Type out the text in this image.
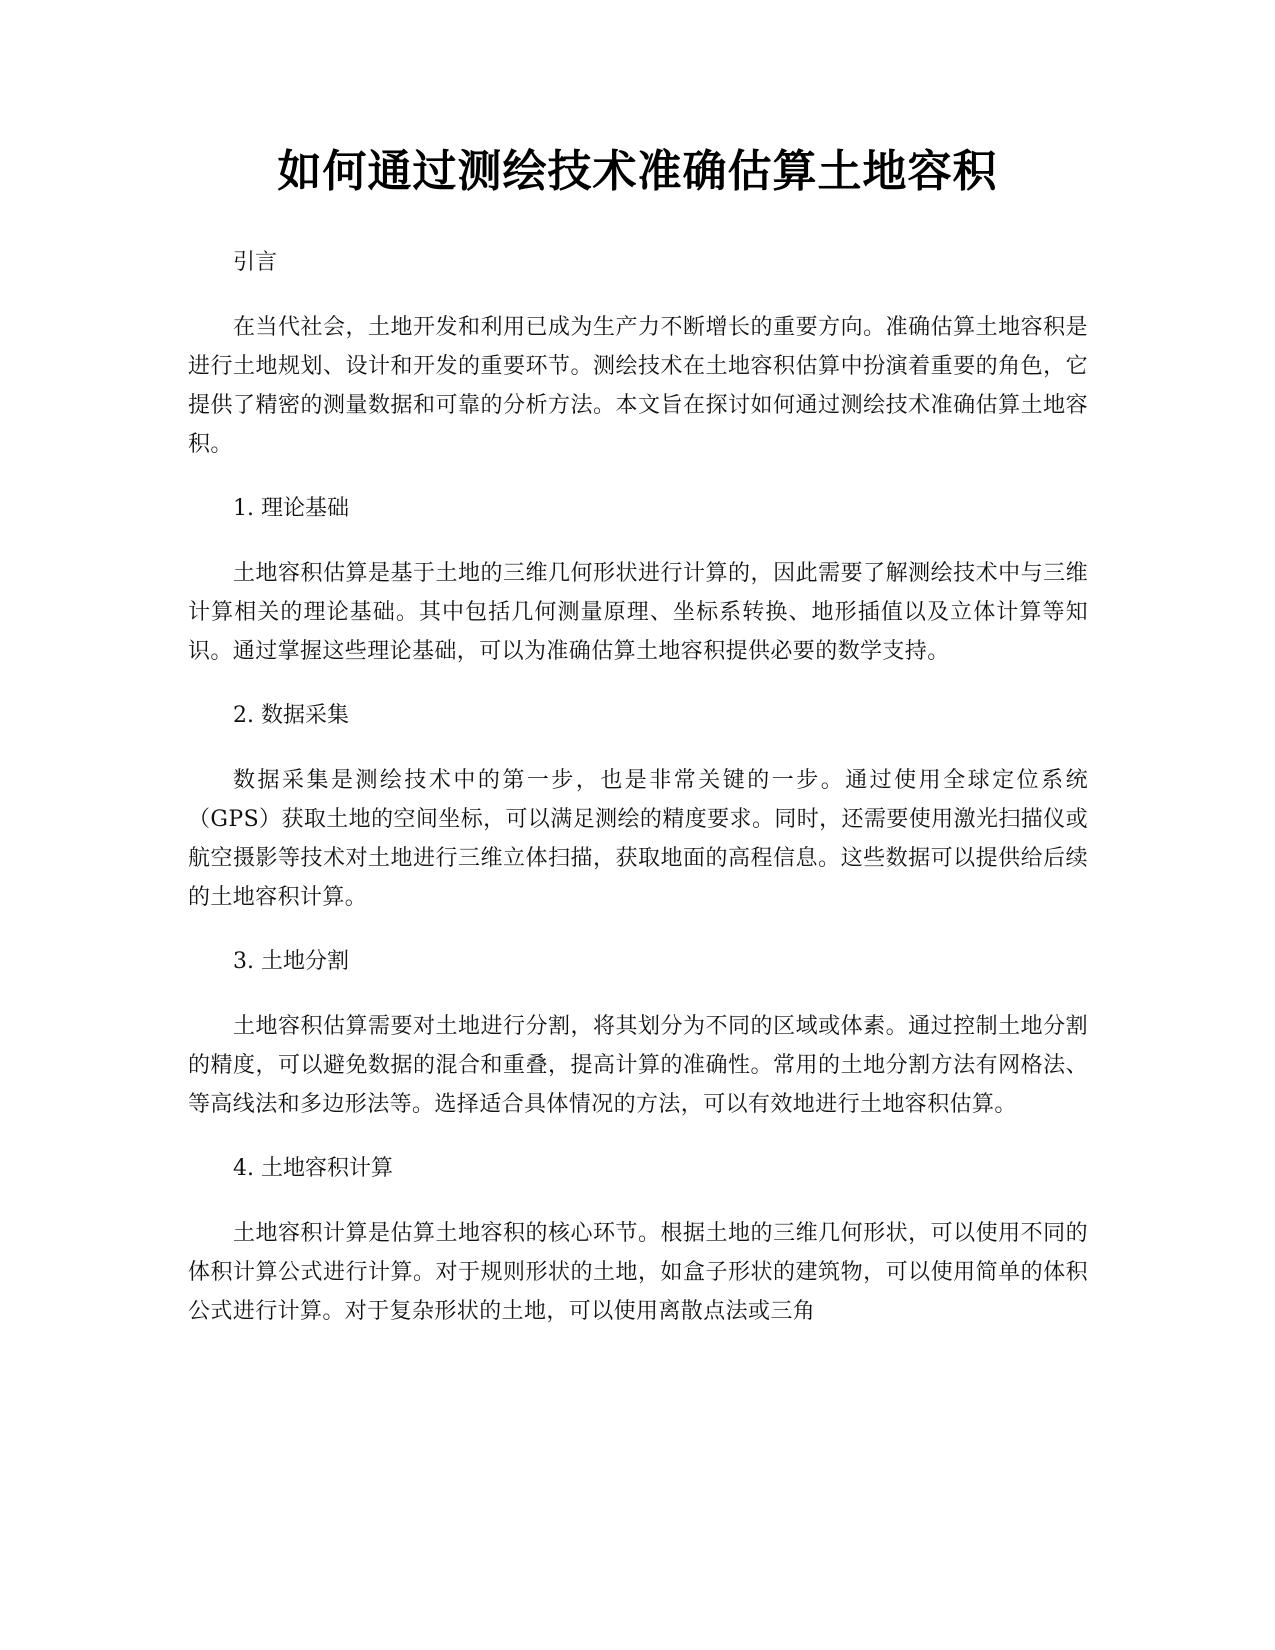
如何通过测绘技术准确估算土地容积

引言

在当代社会，土地开发和利用已成为生产力不断增长的重要方向。准确估算土地容积是进行土地规划、设计和开发的重要环节。测绘技术在土地容积估算中扮演着重要的角色，它提供了精密的测量数据和可靠的分析方法。本文旨在探讨如何通过测绘技术准确估算土地容积。

1. 理论基础

土地容积估算是基于土地的三维几何形状进行计算的，因此需要了解测绘技术中与三维计算相关的理论基础。其中包括几何测量原理、坐标系转换、地形插值以及立体计算等知识。通过掌握这些理论基础，可以为准确估算土地容积提供必要的数学支持。

2. 数据采集

数据采集是测绘技术中的第一步，也是非常关键的一步。通过使用全球定位系统（GPS）获取土地的空间坐标，可以满足测绘的精度要求。同时，还需要使用激光扫描仪或航空摄影等技术对土地进行三维立体扫描，获取地面的高程信息。这些数据可以提供给后续的土地容积计算。

3. 土地分割

土地容积估算需要对土地进行分割，将其划分为不同的区域或体素。通过控制土地分割的精度，可以避免数据的混合和重叠，提高计算的准确性。常用的土地分割方法有网格法、等高线法和多边形法等。选择适合具体情况的方法，可以有效地进行土地容积估算。

4. 土地容积计算

土地容积计算是估算土地容积的核心环节。根据土地的三维几何形状，可以使用不同的体积计算公式进行计算。对于规则形状的土地，如盒子形状的建筑物，可以使用简单的体积公式进行计算。对于复杂形状的土地，可以使用离散点法或三角
